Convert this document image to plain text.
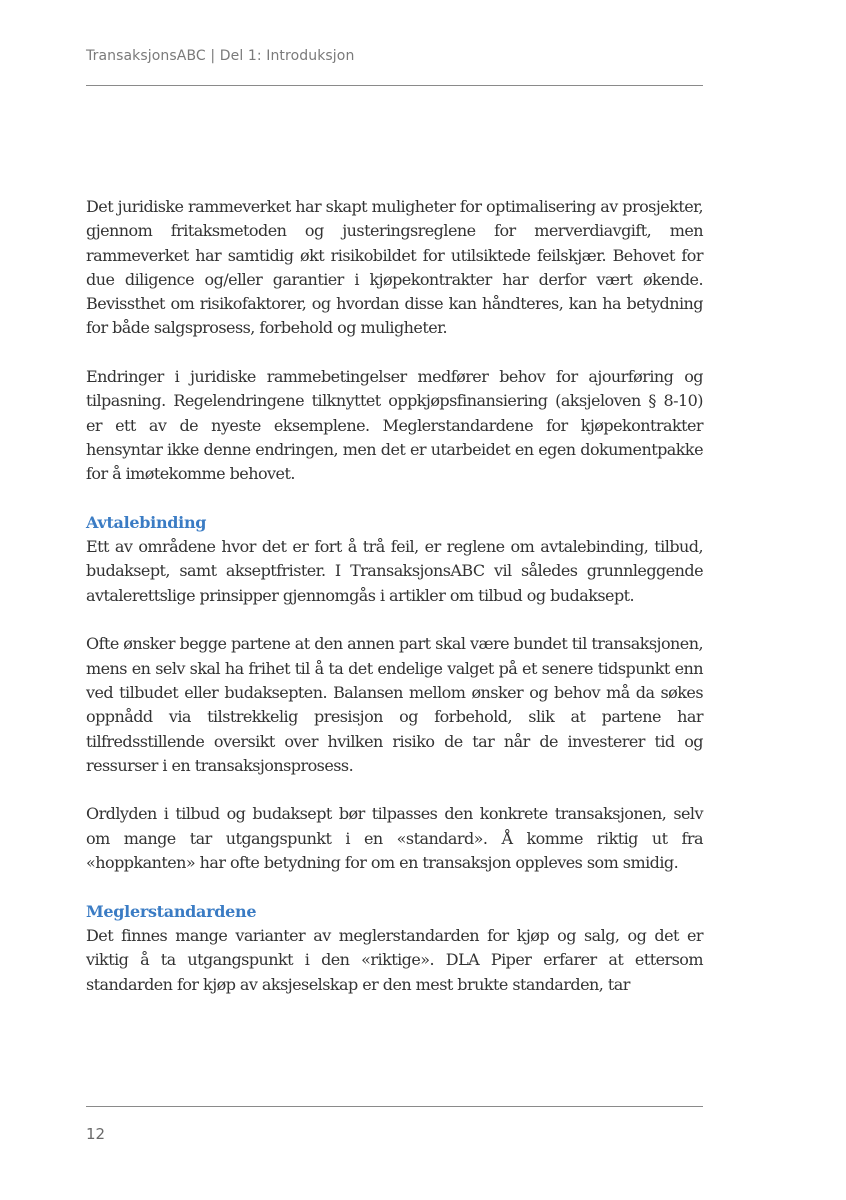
TransaksjonsABC | Del 1: Introduksjon

Det juridiske rammeverket har skapt muligheter for optimalisering av prosjekter, gjennom fritaksmetoden og justeringsreglene for merverdiavgift, men rammeverket har samtidig økt risikobildet for utilsiktede feilskjær. Behovet for due diligence og/eller garantier i kjøpekontrakter har derfor vært økende. Bevissthet om risikofaktorer, og hvordan disse kan håndteres, kan ha betydning for både salgsprosess, forbehold og muligheter.

Endringer i juridiske rammebetingelser medfører behov for ajourføring og tilpasning. Regelendringene tilknyttet oppkjøpsfinansiering (aksjeloven § 8-10) er ett av de nyeste eksemplene. Meglerstandardene for kjøpekontrakter hensyntar ikke denne endringen, men det er utarbeidet en egen dokumentpakke for å imøtekomme behovet.

Avtalebinding

Ett av områdene hvor det er fort å trå feil, er reglene om avtalebinding, tilbud, budaksept, samt akseptfrister. I TransaksjonsABC vil således grunnleggende avtalerettslige prinsipper gjennomgås i artikler om tilbud og budaksept.

Ofte ønsker begge partene at den annen part skal være bundet til transaksjonen, mens en selv skal ha frihet til å ta det endelige valget på et senere tidspunkt enn ved tilbudet eller budaksepten. Balansen mellom ønsker og behov må da søkes oppnådd via tilstrekkelig presisjon og forbehold, slik at partene har tilfredsstillende oversikt over hvilken risiko de tar når de investerer tid og ressurser i en transaksjonsprosess.

Ordlyden i tilbud og budaksept bør tilpasses den konkrete transaksjonen, selv om mange tar utgangspunkt i en «standard». Å komme riktig ut fra «hoppkanten» har ofte betydning for om en transaksjon oppleves som smidig.

Meglerstandardene

Det finnes mange varianter av meglerstandarden for kjøp og salg, og det er viktig å ta utgangspunkt i den «riktige». DLA Piper erfarer at ettersom standarden for kjøp av aksjeselskap er den mest brukte standarden, tar

12
